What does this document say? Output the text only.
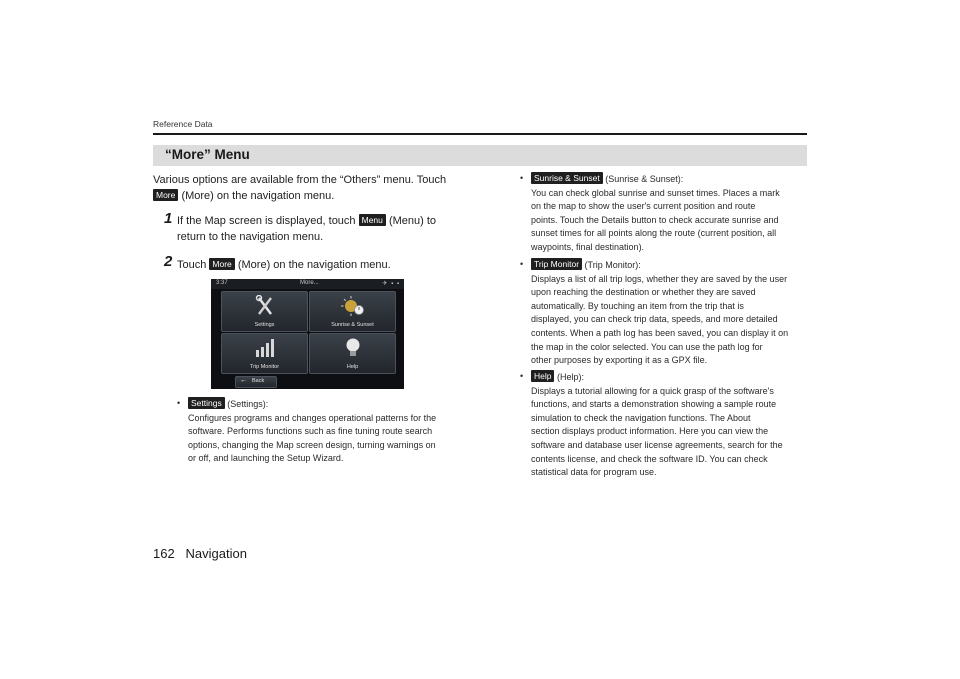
Reference Data
“More” Menu
Various options are available from the “Others” menu. Touch
More (More) on the navigation menu.
1 If the Map screen is displayed, touch Menu (Menu) to
return to the navigation menu.
2 Touch More (More) on the navigation menu.
3:37	More...	✈ ▪ ▪
Settings	Sunrise & Sunset
Trip Monitor	Help
← Back
• Settings (Settings):
Configures programs and changes operational patterns for the
software. Performs functions such as fine tuning route search
options, changing the Map screen design, turning warnings on
or off, and launching the Setup Wizard.
• Sunrise & Sunset (Sunrise & Sunset):
You can check global sunrise and sunset times. Places a mark
on the map to show the user's current position and route
points. Touch the Details button to check accurate sunrise and
sunset times for all points along the route (current position, all
waypoints, final destination).
• Trip Monitor (Trip Monitor):
Displays a list of all trip logs, whether they are saved by the user
upon reaching the destination or whether they are saved
automatically. By touching an item from the trip that is
displayed, you can check trip data, speeds, and more detailed
contents. When a path log has been saved, you can display it on
the map in the color selected. You can use the path log for
other purposes by exporting it as a GPX file.
• Help (Help):
Displays a tutorial allowing for a quick grasp of the software's
functions, and starts a demonstration showing a sample route
simulation to check the navigation functions. The About
section displays product information. Here you can view the
software and database user license agreements, search for the
contents license, and check the software ID. You can check
statistical data for program use.
162   Navigation
